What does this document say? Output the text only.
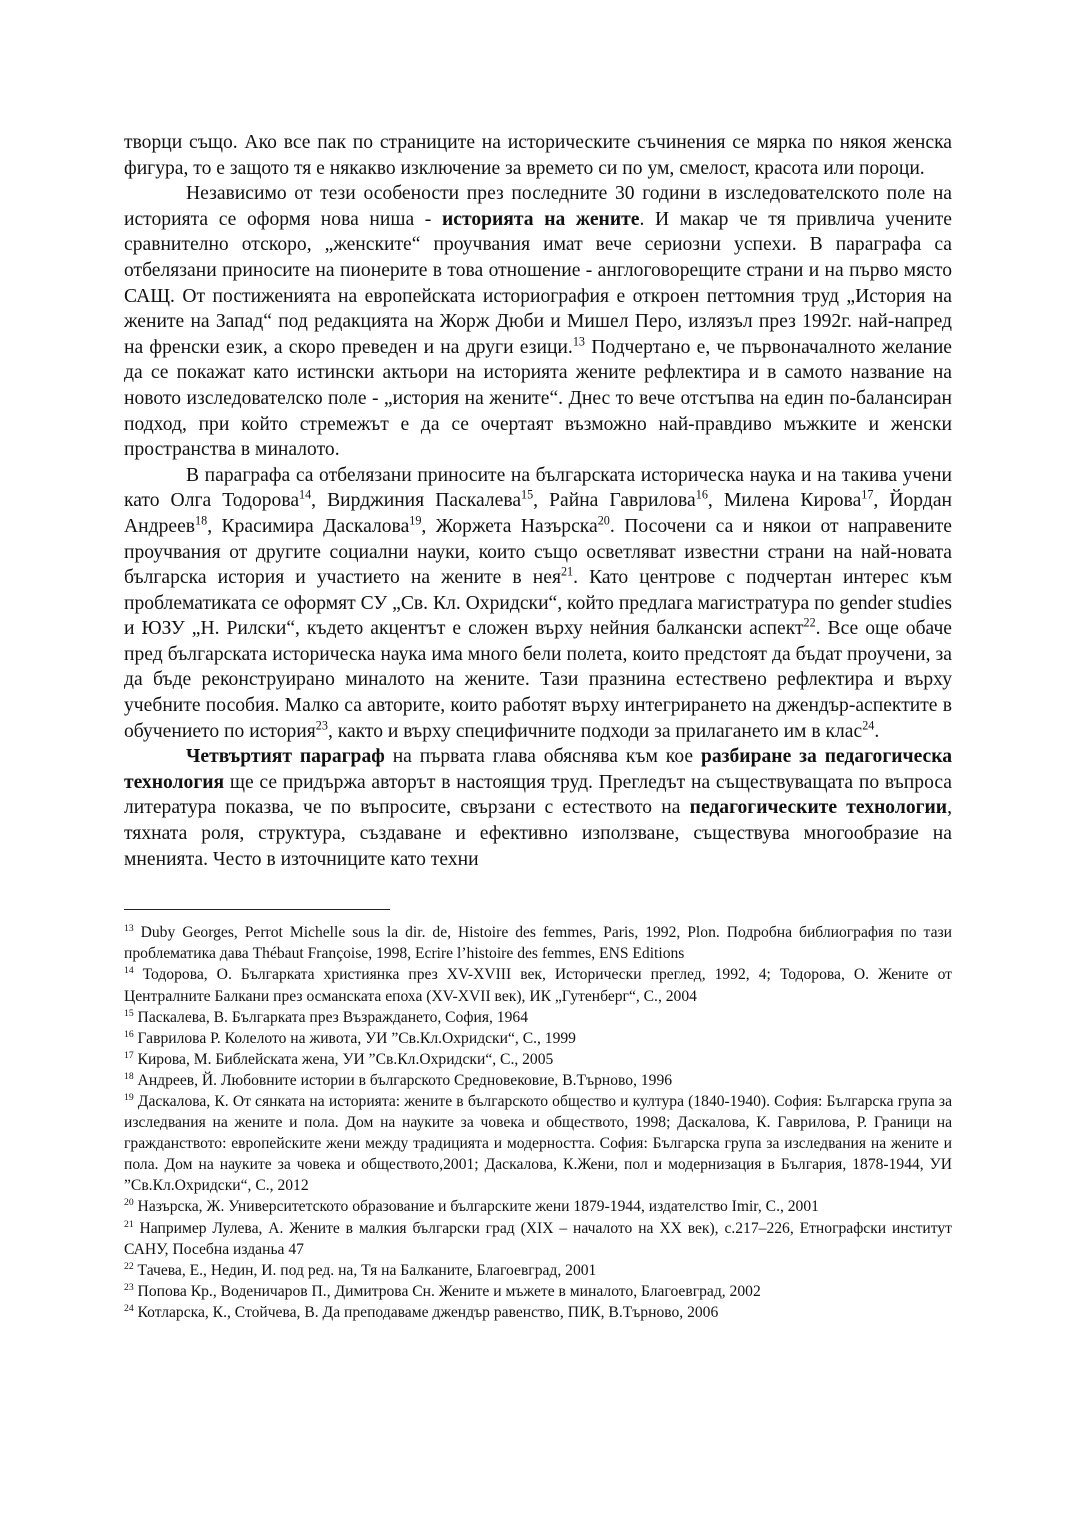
творци също. Ако все пак по страниците на историческите съчинения се мярка по някоя женска фигура, то е защото тя е някакво изключение за времето си по ум, смелост, красота или пороци.

Независимо от тези особености през последните 30 години в изследователското поле на историята се оформя нова ниша - историята на жените. И макар че тя привлича учените сравнително отскоро, „женските“ проучвания имат вече сериозни успехи. В параграфа са отбелязани приносите на пионерите в това отношение - англоговорещите страни и на първо място САЩ. От постиженията на европейската историография е откроен петтомния труд „История на жените на Запад“ под редакцията на Жорж Дюби и Мишел Перо, излязъл през 1992г. най-напред на френски език, а скоро преведен и на други езици.$^{13}$ Подчертано е, че първоначалното желание да се покажат като истински актьори на историята жените рефлектира и в самото название на новото изследователско поле - „история на жените“. Днес то вече отстъпва на един по-балансиран подход, при който стремежът е да се очертаят възможно най-правдиво мъжките и женски пространства в миналото.

В параграфа са отбелязани приносите на българската историческа наука и на такива учени като Олга Тодорова$^{14}$, Вирджиния Паскалева$^{15}$, Райна Гаврилова$^{16}$, Милена Кирова$^{17}$, Йордан Андреев$^{18}$, Красимира Даскалова$^{19}$, Жоржета Назърска$^{20}$. Посочени са и някои от направените проучвания от другите социални науки, които също осветляват известни страни на най-новата българска история и участието на жените в нея$^{21}$. Като центрове с подчертан интерес към проблематиката се оформят СУ „Св. Кл. Охридски“, който предлага магистратура по gender studies и ЮЗУ „Н. Рилски“, където акцентът е сложен върху нейния балкански аспект$^{22}$. Все още обаче пред българската историческа наука има много бели полета, които предстоят да бъдат проучени, за да бъде реконструирано миналото на жените. Тази празнина естествено рефлектира и върху учебните пособия. Малко са авторите, които работят върху интегрирането на джендър-аспектите в обучението по история$^{23}$, както и върху специфичните подходи за прилагането им в клас$^{24}$.

Четвъртият параграф на първата глава обяснява към кое разбиране за педагогическа технология ще се придържа авторът в настоящия труд. Прегледът на съществуващата по въпроса литература показва, че по въпросите, свързани с естеството на педагогическите технологии, тяхната роля, структура, създаване и ефективно използване, съществува многообразие на мненията. Често в източниците като техни

$^{13}$ Duby Georges, Perrot Michelle sous la dir. de, Histoire des femmes, Paris, 1992, Plon. Подробна библиография по тази проблематика дава Thébaut Françoise, 1998, Ecrire l’histoire des femmes, ENS Editions

$^{14}$ Тодорова, О. Българката християнка през XV-XVIII век, Исторически преглед, 1992, 4; Тодорова, О. Жените от Централните Балкани през османската епоха (XV-XVII век), ИК „Гутенберг“, С., 2004

$^{15}$ Паскалева, В. Българката през Възраждането, София, 1964

$^{16}$ Гаврилова Р. Колелото на живота, УИ ”Св.Кл.Охридски“, С., 1999

$^{17}$ Кирова, М. Библейската жена, УИ ”Св.Кл.Охридски“, С., 2005

$^{18}$ Андреев, Й. Любовните истории в българското Средновековие, В.Търново, 1996

$^{19}$ Даскалова, К. От сянката на историята: жените в българското общество и култура (1840-1940). София: Българска група за изследвания на жените и пола. Дом на науките за човека и обществото, 1998; Даскалова, К. Гаврилова, Р. Граници на гражданството: европейските жени между традицията и модерността. София: Българска група за изследвания на жените и пола. Дом на науките за човека и обществото,2001; Даскалова, К.Жени, пол и модернизация в България, 1878-1944, УИ ”Св.Кл.Охридски“, С., 2012

$^{20}$ Назърска, Ж. Университетското образование и българските жени 1879-1944, издателство Imir, С., 2001

$^{21}$ Например Лулева, А. Жените в малкия български град (XIX – началото на XX век), с.217–226, Етнографски институт САНУ, Посебна изданьа 47

$^{22}$ Тачева, Е., Недин, И. под ред. на, Тя на Балканите, Благоевград, 2001

$^{23}$ Попова Кр., Воденичаров П., Димитрова Сн. Жените и мъжете в миналото, Благоевград, 2002

$^{24}$ Котларска, К., Стойчева, В. Да преподаваме джендър равенство, ПИК, В.Търново, 2006
